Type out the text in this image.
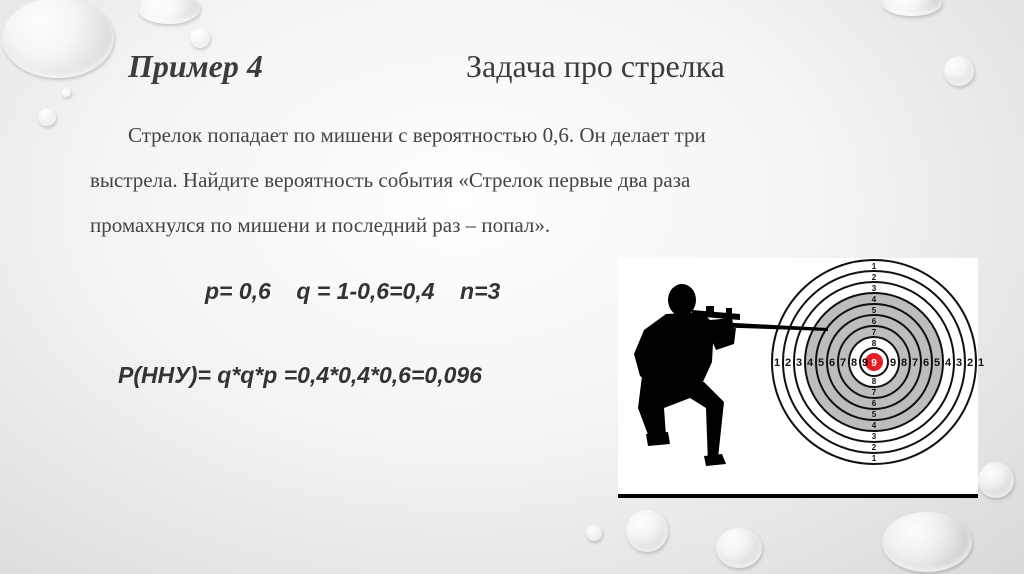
Пример 4	Задача про стрелка
Стрелок попадает по мишени с вероятностью 0,6. Он делает три
выстрела. Найдите вероятность события «Стрелок первые два раза
промахнулся по мишени и последний раз – попал».
p= 0,6    q = 1-0,6=0,4    n=3
P(ННУ)= q*q*p =0,4*0,4*0,6=0,096	1 2 3 4 5 6 7 8 9 9 8 7 6 5 4 3 2 1
1
1
2
2
3
3
4
4
5
5
6
6
7
7
8
8
9
